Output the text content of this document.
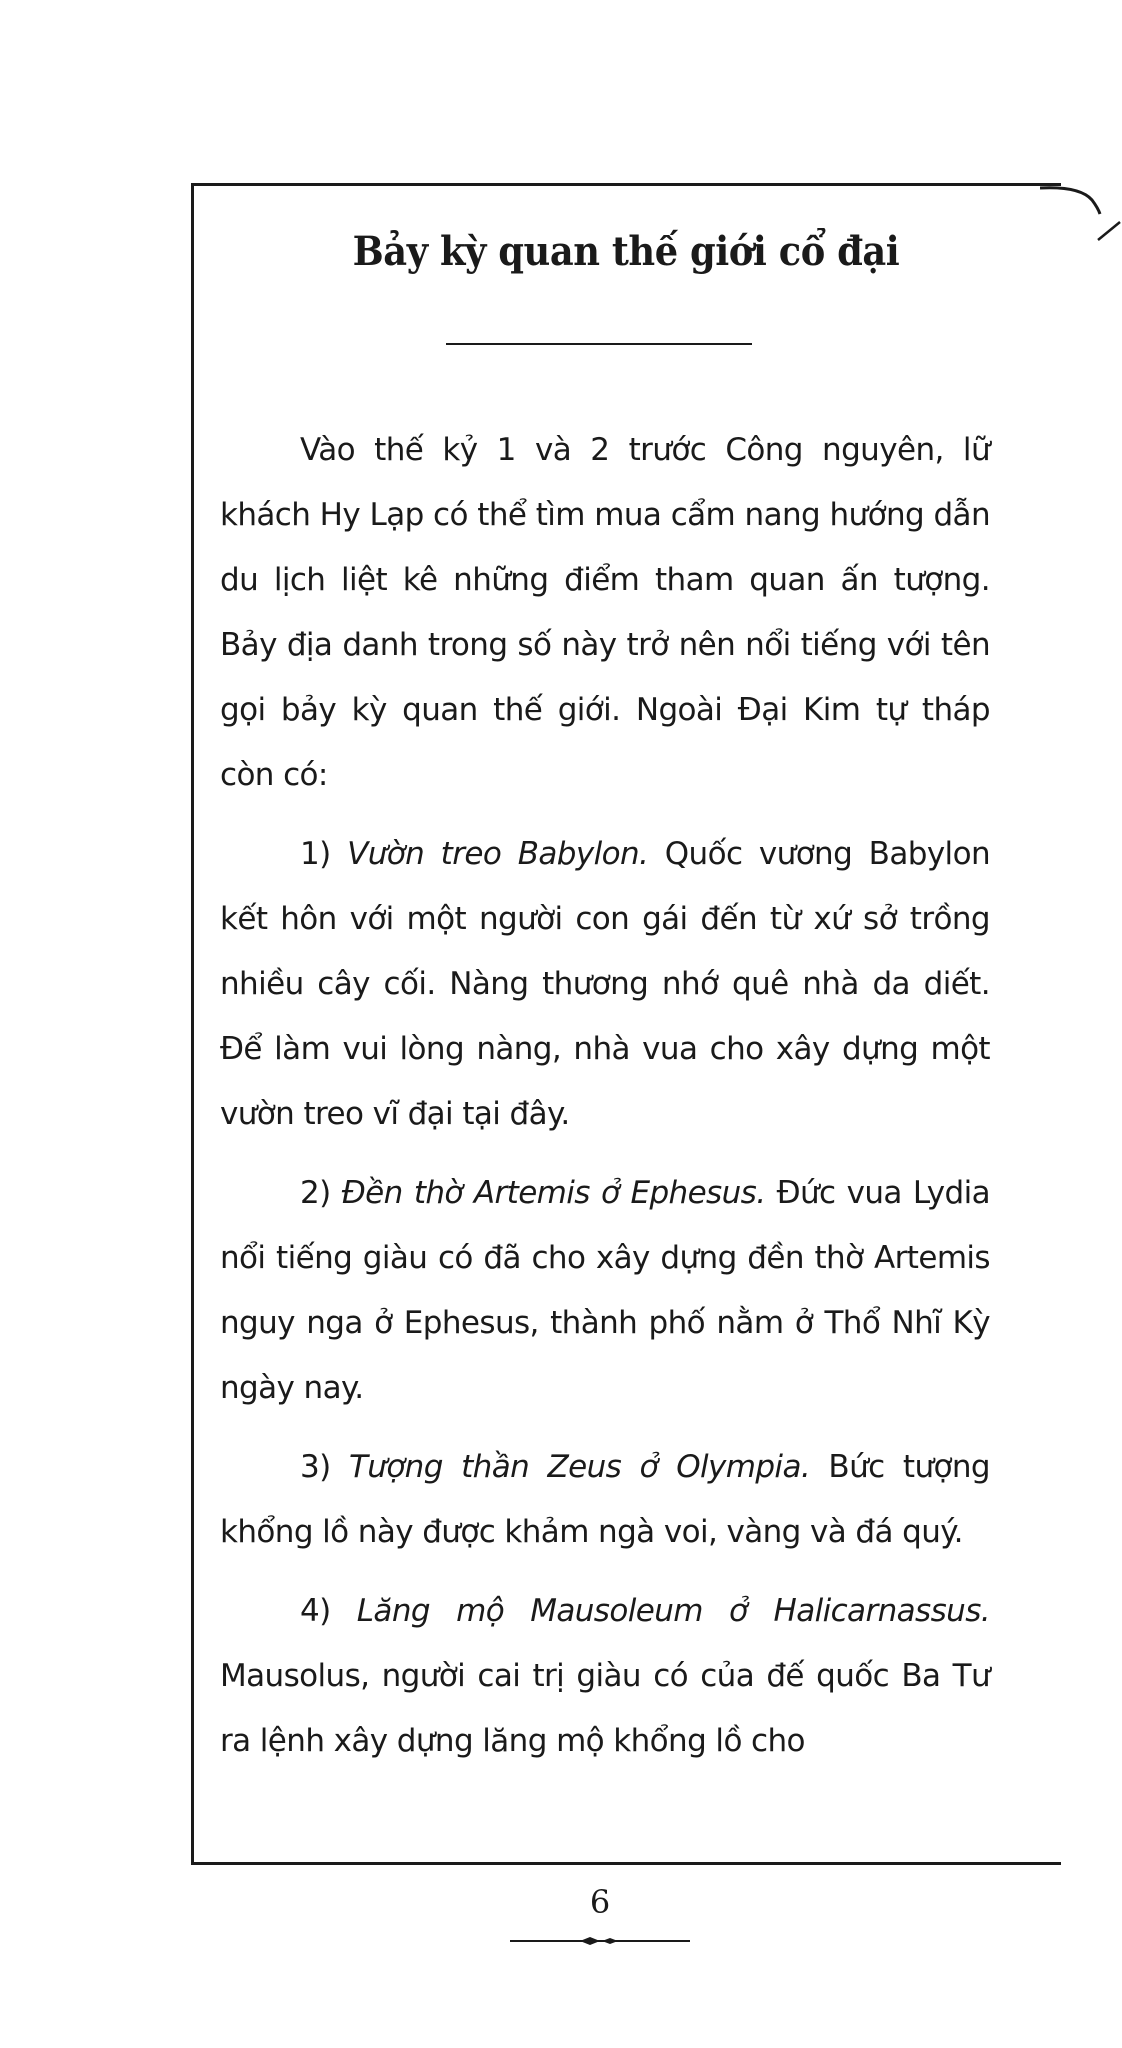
Bảy kỳ quan thế giới cổ đại

Vào thế kỷ 1 và 2 trước Công nguyên, lữ khách Hy Lạp có thể tìm mua cẩm nang hướng dẫn du lịch liệt kê những điểm tham quan ấn tượng. Bảy địa danh trong số này trở nên nổi tiếng với tên gọi bảy kỳ quan thế giới. Ngoài Đại Kim tự tháp còn có:

1) Vườn treo Babylon. Quốc vương Babylon kết hôn với một người con gái đến từ xứ sở trồng nhiều cây cối. Nàng thương nhớ quê nhà da diết. Để làm vui lòng nàng, nhà vua cho xây dựng một vườn treo vĩ đại tại đây.

2) Đền thờ Artemis ở Ephesus. Đức vua Lydia nổi tiếng giàu có đã cho xây dựng đền thờ Artemis nguy nga ở Ephesus, thành phố nằm ở Thổ Nhĩ Kỳ ngày nay.

3) Tượng thần Zeus ở Olympia. Bức tượng khổng lồ này được khảm ngà voi, vàng và đá quý.

4) Lăng mộ Mausoleum ở Halicarnassus. Mausolus, người cai trị giàu có của đế quốc Ba Tư ra lệnh xây dựng lăng mộ khổng lồ cho

6
